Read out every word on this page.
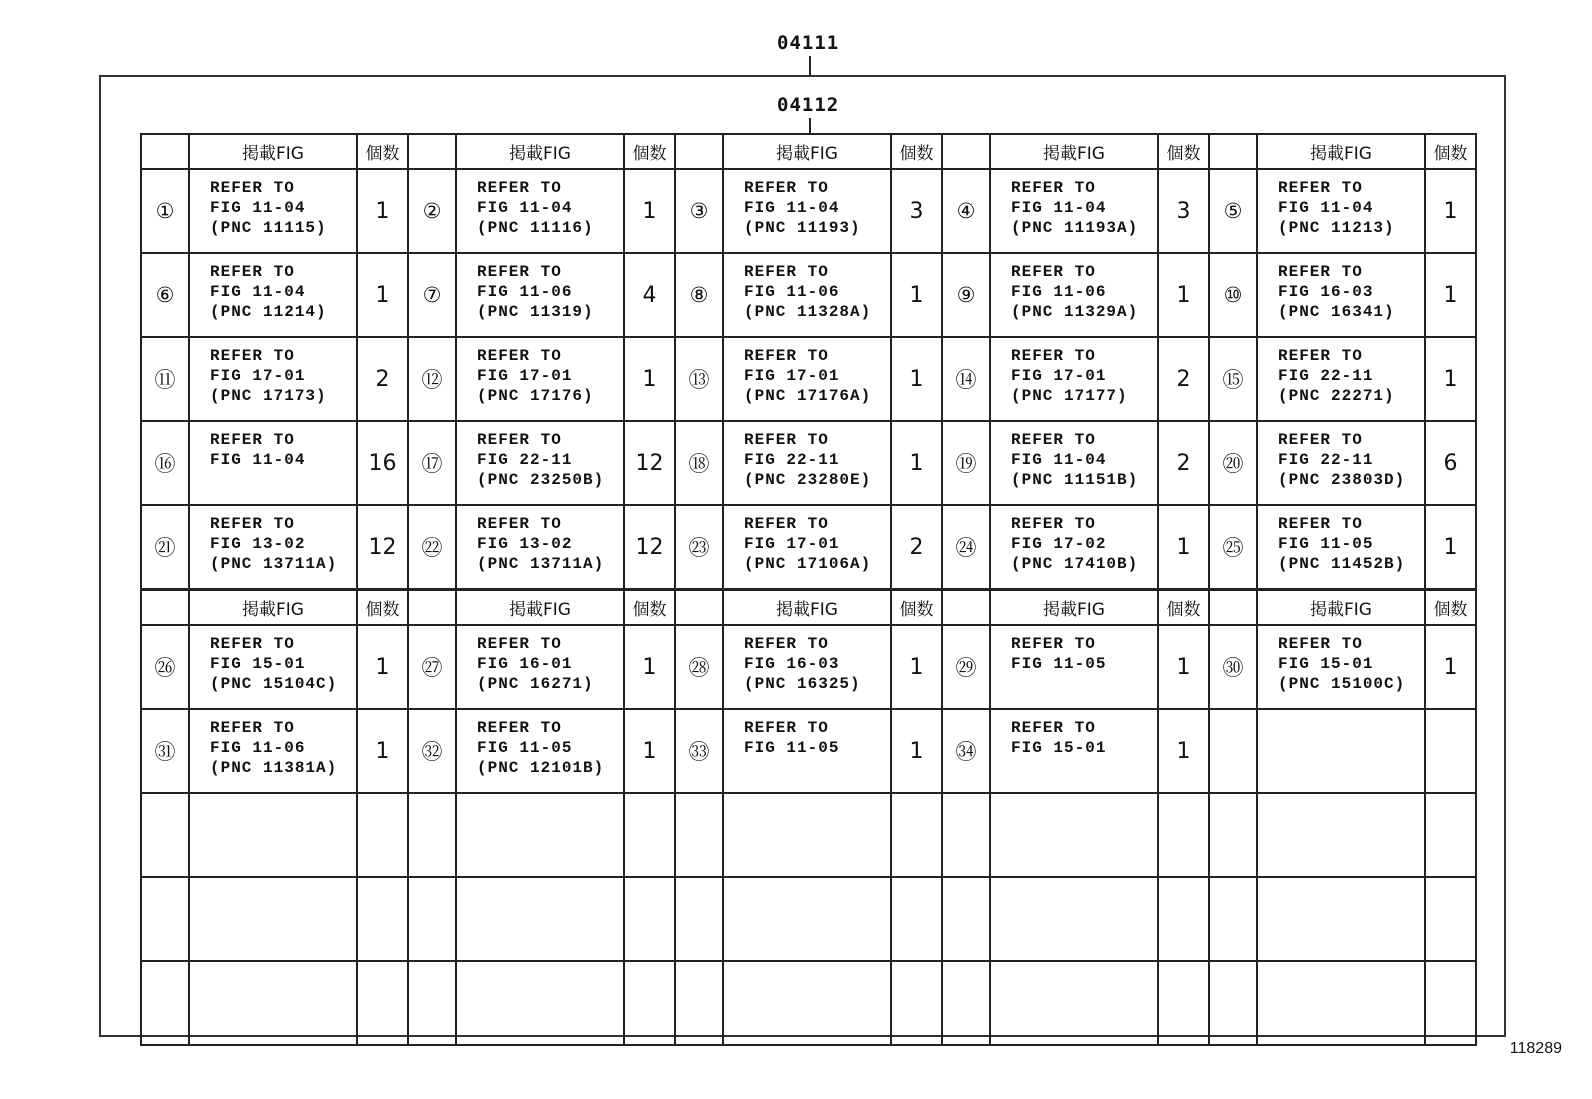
04111
04112
	掲載FIG	個数		掲載FIG	個数		掲載FIG	個数		掲載FIG	個数		掲載FIG	個数
①	REFER TO
FIG 11-04
(PNC 11115)	1	②	REFER TO
FIG 11-04
(PNC 11116)	1	③	REFER TO
FIG 11-04
(PNC 11193)	3	④	REFER TO
FIG 11-04
(PNC 11193A)	3	⑤	REFER TO
FIG 11-04
(PNC 11213)	1
⑥	REFER TO
FIG 11-04
(PNC 11214)	1	⑦	REFER TO
FIG 11-06
(PNC 11319)	4	⑧	REFER TO
FIG 11-06
(PNC 11328A)	1	⑨	REFER TO
FIG 11-06
(PNC 11329A)	1	⑩	REFER TO
FIG 16-03
(PNC 16341)	1
⑪	REFER TO
FIG 17-01
(PNC 17173)	2	⑫	REFER TO
FIG 17-01
(PNC 17176)	1	⑬	REFER TO
FIG 17-01
(PNC 17176A)	1	⑭	REFER TO
FIG 17-01
(PNC 17177)	2	⑮	REFER TO
FIG 22-11
(PNC 22271)	1
⑯	REFER TO
FIG 11-04	16	⑰	REFER TO
FIG 22-11
(PNC 23250B)	12	⑱	REFER TO
FIG 22-11
(PNC 23280E)	1	⑲	REFER TO
FIG 11-04
(PNC 11151B)	2	⑳	REFER TO
FIG 22-11
(PNC 23803D)	6
㉑	REFER TO
FIG 13-02
(PNC 13711A)	12	㉒	REFER TO
FIG 13-02
(PNC 13711A)	12	㉓	REFER TO
FIG 17-01
(PNC 17106A)	2	㉔	REFER TO
FIG 17-02
(PNC 17410B)	1	㉕	REFER TO
FIG 11-05
(PNC 11452B)	1
	掲載FIG	個数		掲載FIG	個数		掲載FIG	個数		掲載FIG	個数		掲載FIG	個数
㉖	REFER TO
FIG 15-01
(PNC 15104C)	1	㉗	REFER TO
FIG 16-01
(PNC 16271)	1	㉘	REFER TO
FIG 16-03
(PNC 16325)	1	㉙	REFER TO
FIG 11-05	1	㉚	REFER TO
FIG 15-01
(PNC 15100C)	1
㉛	REFER TO
FIG 11-06
(PNC 11381A)	1	㉜	REFER TO
FIG 11-05
(PNC 12101B)	1	㉝	REFER TO
FIG 11-05	1	㉞	REFER TO
FIG 15-01	1		

118289
